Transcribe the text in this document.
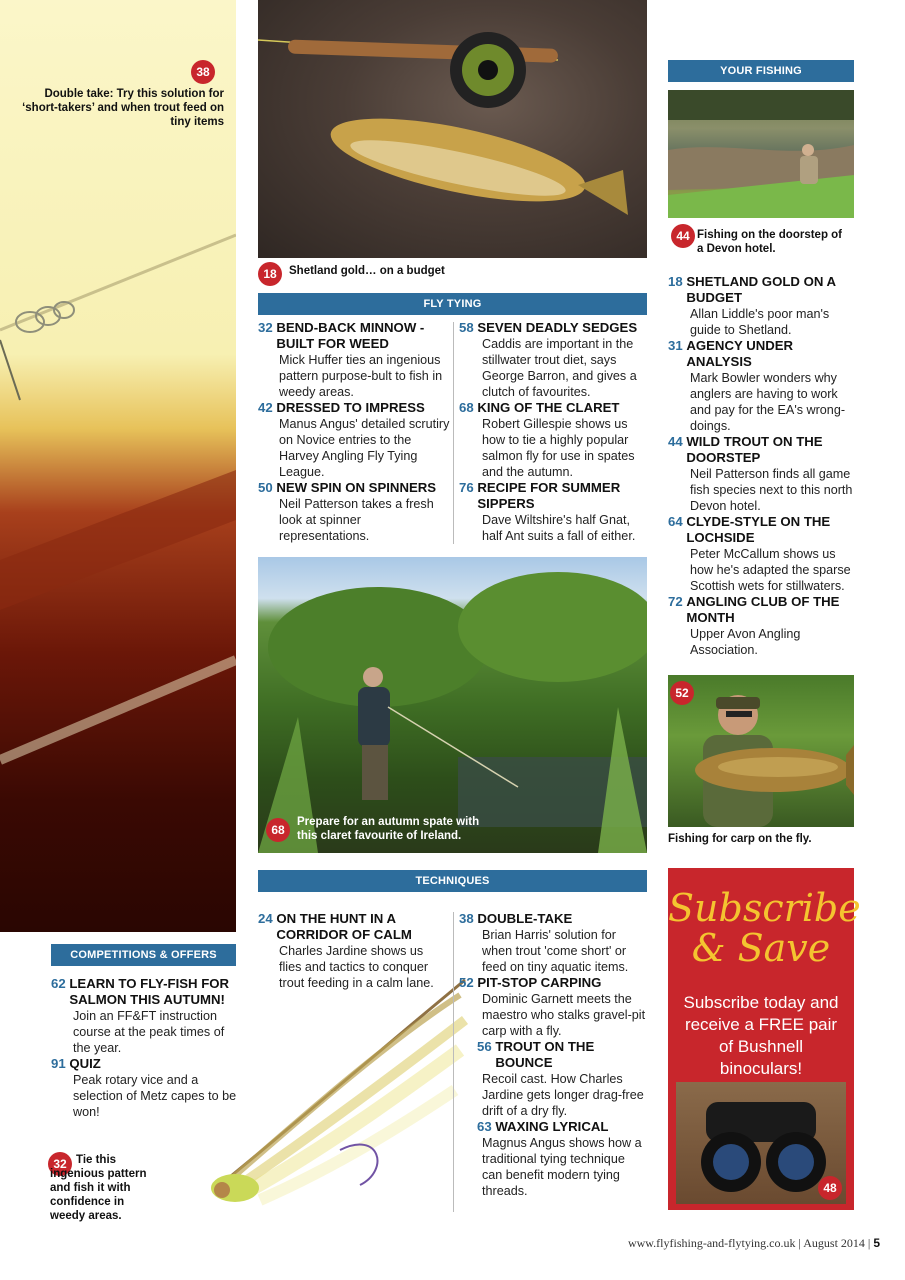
38
Double take: Try this solution for ‘short-takers’ and when trout feed on tiny items
18	Shetland gold… on a budget
FLY TYING
32
BEND-BACK MINNOW - BUILT FOR WEED
Mick Huffer ties an ingenious pattern purpose-bult to fish in weedy areas.
42
DRESSED TO IMPRESS
Manus Angus' detailed scrutiry on Novice entries to the Harvey Angling Fly Tying League.
50
NEW SPIN ON SPINNERS
Neil Patterson takes a fresh look at spinner representations.
58
SEVEN DEADLY SEDGES
Caddis are important in the stillwater trout diet, says George Barron, and gives a clutch of favourites.
68
KING OF THE CLARET
Robert Gillespie shows us how to tie a highly popular salmon fly for use in spates and the autumn.
76
RECIPE FOR SUMMER SIPPERS
Dave Wiltshire's half Gnat, half Ant suits a fall of either.
68
Prepare for an autumn spate with this claret favourite of Ireland.
TECHNIQUES
24
ON THE HUNT IN A CORRIDOR OF CALM
Charles Jardine shows us flies and tactics to conquer trout feeding in a calm lane.
38
DOUBLE-TAKE
Brian Harris' solution for when trout 'come short' or feed on tiny aquatic items.
52
PIT-STOP CARPING
Dominic Garnett meets the maestro who stalks gravel-pit carp with a fly.
56
TROUT ON THE BOUNCE
Recoil cast. How Charles Jardine gets longer drag-free drift of a dry fly.
63
WAXING LYRICAL
Magnus Angus shows how a traditional tying technique can benefit modern tying threads.
COMPETITIONS & OFFERS
62
LEARN TO FLY-FISH FOR SALMON THIS AUTUMN!
Join an FF&FT instruction course at the peak times of the year.
91
QUIZ
Peak rotary vice and a selection of Metz capes to be won!
32 Tie this ingenious pattern and fish it with confidence in weedy areas.
YOUR FISHING
44 Fishing on the doorstep of a Devon hotel.
18
SHETLAND GOLD ON A BUDGET
Allan Liddle's poor man's guide to Shetland.
31
AGENCY UNDER ANALYSIS
Mark Bowler wonders why anglers are having to work and pay for the EA's wrong-doings.
44
WILD TROUT ON THE DOORSTEP
Neil Patterson finds all game fish species next to this north Devon hotel.
64
CLYDE-STYLE ON THE LOCHSIDE
Peter McCallum shows us how he's adapted the sparse Scottish wets for stillwaters.
72
ANGLING CLUB OF THE MONTH
Upper Avon Angling Association.
52
Fishing for carp on the fly.
Subscribe
& Save
Subscribe today and receive a FREE pair of Bushnell binoculars!
48
www.flyfishing-and-flytying.co.uk | August 2014 | 5
